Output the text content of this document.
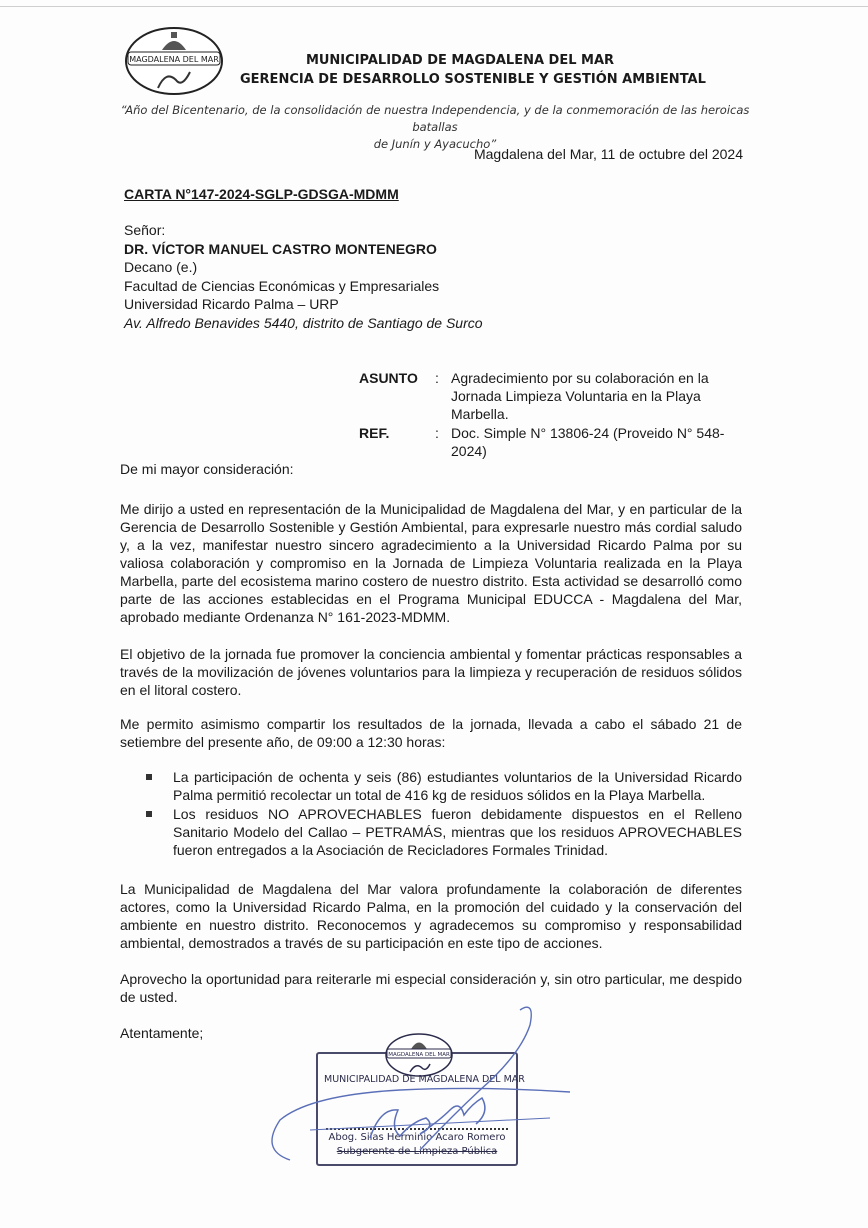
MAGDALENA DEL MAR	MUNICIPALIDAD DE MAGDALENA DEL MAR
GERENCIA DE DESARROLLO SOSTENIBLE Y GESTIÓN AMBIENTAL
“Año del Bicentenario, de la consolidación de nuestra Independencia, y de la conmemoración de las heroicas batallas
de Junín y Ayacucho”
Magdalena del Mar, 11 de octubre del 2024
CARTA N°147-2024-SGLP-GDSGA-MDMM
Señor:
DR. VÍCTOR MANUEL CASTRO MONTENEGRO
Decano (e.)
Facultad de Ciencias Económicas y Empresariales
Universidad Ricardo Palma – URP
Av. Alfredo Benavides 5440, distrito de Santiago de Surco
ASUNTO : Agradecimiento por su colaboración en la Jornada Limpieza Voluntaria en la Playa Marbella.
REF.	: Doc. Simple N° 13806-24 (Proveido N° 548-2024)
De mi mayor consideración:
Me dirijo a usted en representación de la Municipalidad de Magdalena del Mar, y en particular de la Gerencia de Desarrollo Sostenible y Gestión Ambiental, para expresarle nuestro más cordial saludo y, a la vez, manifestar nuestro sincero agradecimiento a la Universidad Ricardo Palma por su valiosa colaboración y compromiso en la Jornada de Limpieza Voluntaria realizada en la Playa Marbella, parte del ecosistema marino costero de nuestro distrito. Esta actividad se desarrolló como parte de las acciones establecidas en el Programa Municipal EDUCCA - Magdalena del Mar, aprobado mediante Ordenanza N° 161-2023-MDMM.
El objetivo de la jornada fue promover la conciencia ambiental y fomentar prácticas responsables a través de la movilización de jóvenes voluntarios para la limpieza y recuperación de residuos sólidos en el litoral costero.
Me permito asimismo compartir los resultados de la jornada, llevada a cabo el sábado 21 de setiembre del presente año, de 09:00 a 12:30 horas:
La participación de ochenta y seis (86) estudiantes voluntarios de la Universidad Ricardo Palma permitió recolectar un total de 416 kg de residuos sólidos en la Playa Marbella.
Los residuos NO APROVECHABLES fueron debidamente dispuestos en el Relleno Sanitario Modelo del Callao – PETRAMÁS, mientras que los residuos APROVECHABLES fueron entregados a la Asociación de Recicladores Formales Trinidad.
La Municipalidad de Magdalena del Mar valora profundamente la colaboración de diferentes actores, como la Universidad Ricardo Palma, en la promoción del cuidado y la conservación del ambiente en nuestro distrito. Reconocemos y agradecemos su compromiso y responsabilidad ambiental, demostrados a través de su participación en este tipo de acciones.
Aprovecho la oportunidad para reiterarle mi especial consideración y, sin otro particular, me despido de usted.
Atentamente;
MAGDALENA DEL MAR
MUNICIPALIDAD DE MAGDALENA DEL MAR
Abog. Silas Herminio Acaro Romero
Subgerente de Limpieza Pública
